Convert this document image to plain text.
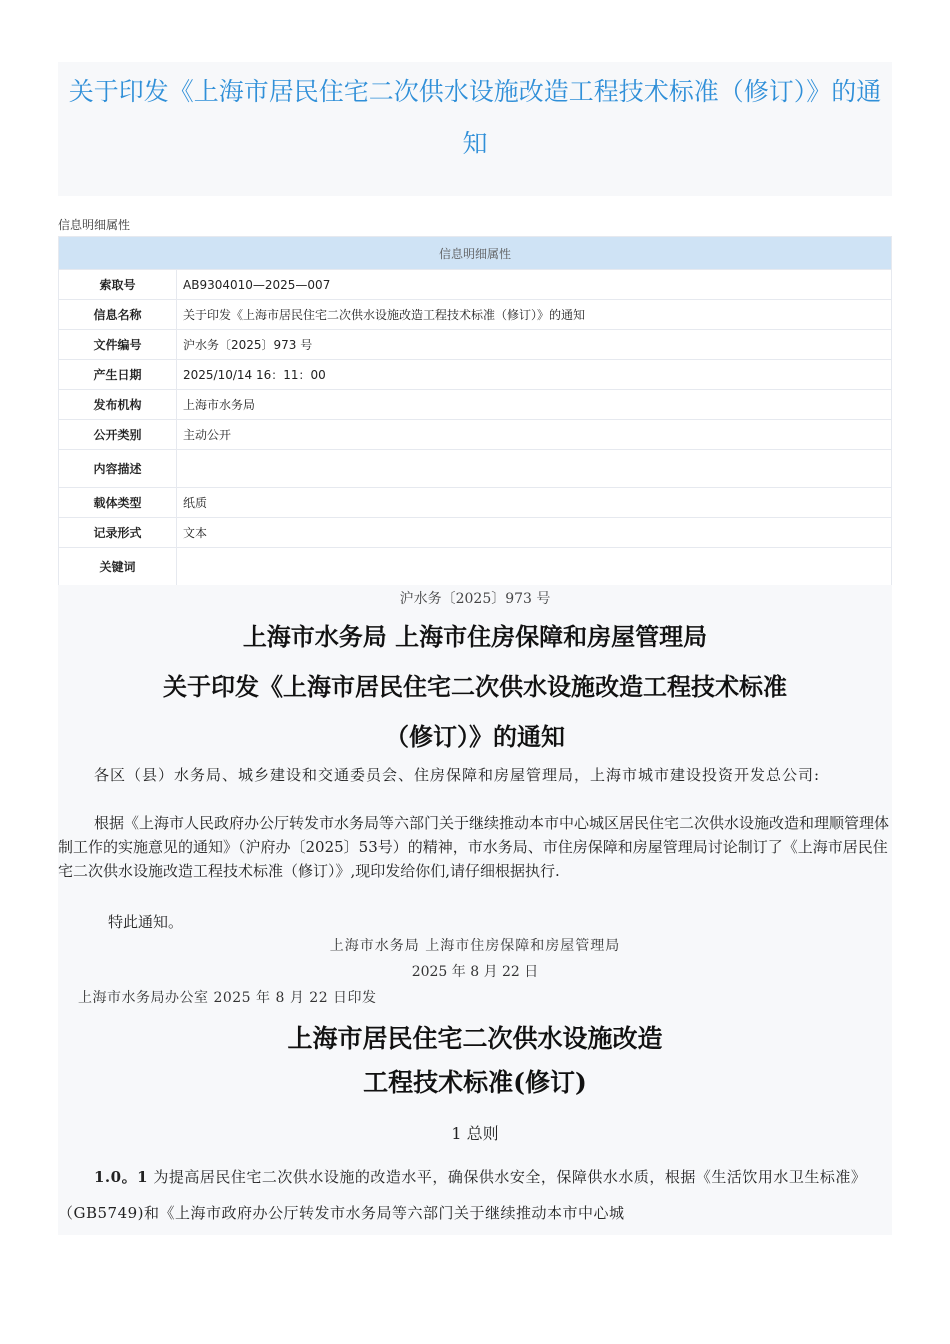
关于印发《上海市居民住宅二次供水设施改造工程技术标准（修订）》的通知
信息明细属性
信息明细属性	
索取号	AB9304010—2025—007
信息名称	关于印发《上海市居民住宅二次供水设施改造工程技术标准（修订）》的通知
文件编号	沪水务〔2025〕973 号
产生日期	2025/10/14 16：11：00
发布机构	上海市水务局
公开类别	主动公开
内容描述	
载体类型	纸质
记录形式	文本
关键词	
沪水务〔2025〕973 号
上海市水务局 上海市住房保障和房屋管理局
关于印发《上海市居民住宅二次供水设施改造工程技术标准
（修订）》的通知
各区（县）水务局、城乡建设和交通委员会、住房保障和房屋管理局，上海市城市建设投资开发总公司:
根据《上海市人民政府办公厅转发市水务局等六部门关于继续推动本市中心城区居民住宅二次供水设施改造和理顺管理体制工作的实施意见的通知》（沪府办〔2025〕53号）的精神，市水务局、市住房保障和房屋管理局讨论制订了《上海市居民住宅二次供水设施改造工程技术标准（修订）》,现印发给你们,请仔细根据执行.
特此通知。
上海市水务局 上海市住房保障和房屋管理局
2025 年 8 月 22 日
上海市水务局办公室 2025 年 8 月 22 日印发
上海市居民住宅二次供水设施改造
工程技术标准(修订)
1 总则
1.0。1 为提高居民住宅二次供水设施的改造水平，确保供水安全，保障供水水质，根据《生活饮用水卫生标准》（GB5749)和《上海市政府办公厅转发市水务局等六部门关于继续推动本市中心城
